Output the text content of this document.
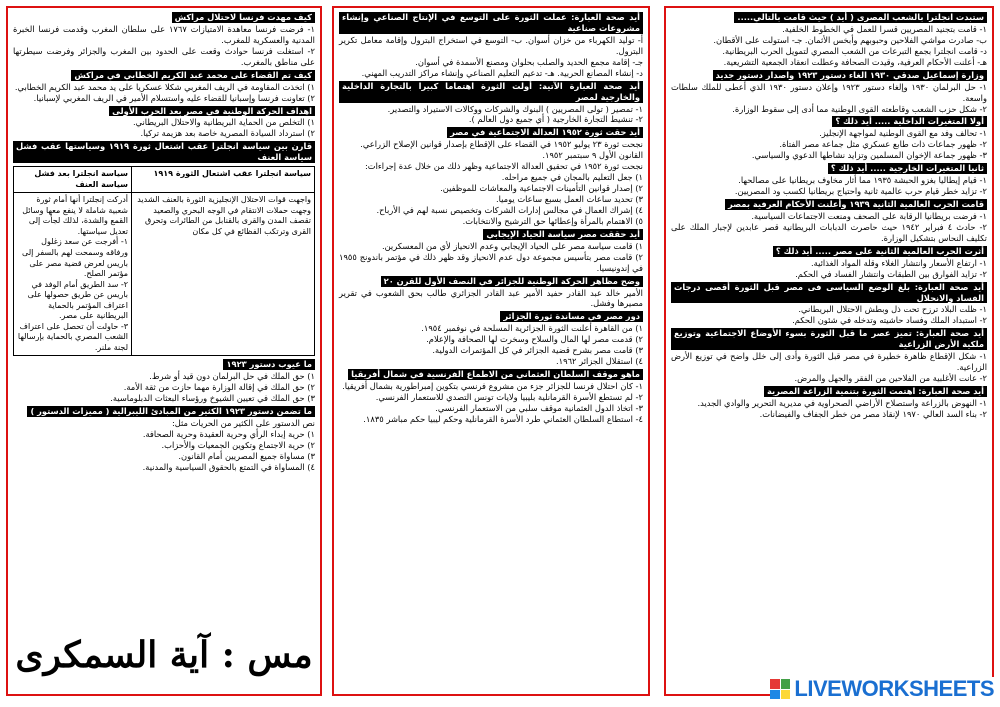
ستبدت انجلترا بالشعب المصرى ( أيد ) حيث قامت بالتالي.....
١- قامت بتجنيد المصريين قسرا للعمل في الخطوط الخلفية.
ب- صادرت مواشي الفلاحين وحبوبهم وأبخس الأثمان. جـ- استولت على الأقطان.
د- قامت انجلترا بجمع التبرعات من الشعب المصري لتمويل الحرب البريطانية.
هـ- أعلنت الأحكام العرفية، وقيدت الصحافة وعطلت انعقاد الجمعية التشريعية.
وزارة إسماعيل صدقي ١٩٣٠ الغاء دستور ١٩٢٣ واصدار دستور جديد
١- حل البرلمان ١٩٣٠ وإلغاء دستور ١٩٢٣ وإعلان دستور ١٩٣٠ الذي أعطى للملك سلطات واسعة.
٢- شكل حزب الشعب وقاطعته القوى الوطنية مما أدى إلى سقوط الوزارة.
أولا المتغيرات الداخلية ..... أيد ذلك ؟
١- تحالف وفد مع القوى الوطنية لمواجهة الإنجليز.
٢- ظهور جماعات ذات طابع عسكري مثل جماعة مصر الفتاة.
٣- ظهور جماعة الإخوان المسلمين وتزايد نشاطها الدعوي والسياسي.
ثانيا المتغيرات الخارجية ..... أيد ذلك ؟
١- قيام إيطاليا بغزو الحبشة ١٩٣٥ مما أثار مخاوف بريطانيا على مصالحها.
٢- تزايد خطر قيام حرب عالمية ثانية واحتياج بريطانيا لكسب ود المصريين.
قامت الحرب العالمية الثانية ١٩٣٩ وأعلنت الأحكام العرفية بمصر
١- فرضت بريطانيا الرقابة على الصحف ومنعت الاجتماعات السياسية.
٢- حادث ٤ فبراير ١٩٤٢ حيث حاصرت الدبابات البريطانية قصر عابدين لإجبار الملك على تكليف النحاس بتشكيل الوزارة.
أثرت الحرب العالمية الثانية على مصر ..... أيد ذلك ؟
١- ارتفاع الأسعار وانتشار الغلاء وقلة المواد الغذائية.
٢- تزايد الفوارق بين الطبقات وانتشار الفساد في الحكم.
أيد صحة العبارة: بلغ الوضع السياسى فى مصر قبل الثورة أقصى درجات الفساد والانحلال
١- ظلت البلاد ترزح تحت ذل وبطش الاحتلال البريطاني.
٢- استبداد الملك وفساد حاشيته وتدخله في شئون الحكم.
أيد صحة العبارة: تميز عصر ما قبل الثورة بسوء الأوضاع الاجتماعية وتوزيع ملكية الأرض الزراعية
١- شكل الإقطاع ظاهرة خطيرة في مصر قبل الثورة وأدى إلى خلل واضح في توزيع الأرض الزراعية.
٢- عانت الأغلبية من الفلاحين من الفقر والجهل والمرض.
أيد صحة العبارة: اهتمت الثورة بتنمية الزراعة المصرية
١- النهوض بالزراعة واستصلاح الأراضي الصحراوية في مديرية التحرير والوادي الجديد.
٢- بناء السد العالي ١٩٧٠ لإنقاذ مصر من خطر الجفاف والفيضانات.
أيد صحة العبارة: عملت الثورة على التوسع في الإنتاج الصناعي وإنشاء مشروعات صناعية
أ- توليد الكهرباء من خزان أسوان. ب- التوسع في استخراج البترول وإقامة معامل تكرير البترول.
جـ- إقامة مجمع الحديد والصلب بحلوان ومصنع الأسمدة في أسوان.
د- إنشاء المصانع الحربية. هـ- تدعيم التعليم الصناعي وإنشاء مراكز التدريب المهني.
أيد صحة العبارة الآتية: أولت الثورة اهتماما كبيرا بالتجارة الداخلية والخارجية لمصر
١- تمصير ( تولى المصريين ) البنوك والشركات ووكالات الاستيراد والتصدير.
٢- تنشيط التجارة الخارجية ( أي جميع دول العالم ).
أيد حقت ثورة ١٩٥٢ العدالة الاجتماعية في مصر
نجحت ثورة ٢٣ يوليو ١٩٥٢ في القضاء على الإقطاع بإصدار قوانين الإصلاح الزراعي.
القانون الأول ٩ سبتمبر ١٩٥٢.
نجحت ثورة ١٩٥٢ في تحقيق العدالة الاجتماعية وظهر ذلك من خلال عدة إجراءات:
١) جعل التعليم بالمجان في جميع مراحله.
٢) إصدار قوانين التأمينات الاجتماعية والمعاشات للموظفين.
٣) تحديد ساعات العمل بسبع ساعات يوميا.
٤) إشراك العمال في مجالس إدارات الشركات وتخصيص نسبة لهم في الأرباح.
٥) الاهتمام بالمرأة وإعطائها حق الترشيح والانتخابات.
أيد حققت مصر سياسة الحياد الإيجابي
١) قامت سياسة مصر على الحياد الإيجابي وعدم الانحياز لأي من المعسكرين.
٢) قامت مصر بتأسيس مجموعة دول عدم الانحياز وقد ظهر ذلك في مؤتمر باندونج ١٩٥٥ في إندونيسيا.
وضح مظاهر الحركة الوطنية للجزائر في النصف الأول للقرن ٢٠
الأمير خالد عبد القادر حفيد الأمير عبد القادر الجزائري طالب بحق الشعوب في تقرير مصيرها وفشل.
دور مصر في مساندة ثورة الجزائر
١) من القاهرة أعلنت الثورة الجزائرية المسلحة في نوفمبر ١٩٥٤.
٢) قدمت مصر لها المال والسلاح وسخرت لها الصحافة والإعلام.
٣) قامت مصر بشرح قضية الجزائر في كل المؤتمرات الدولية.
٤) استقلال الجزائر ١٩٦٢.
ماهو موقف السلطان العثماني من الاطماع الفرنسية في شمال أفريقيا
١- كان احتلال فرنسا للجزائر جزء من مشروع فرنسي بتكوين إمبراطورية بشمال أفريقيا.
٢- لم تستطع الأسرة القرمانلية بليبيا ولايات تونس التصدي للاستعمار الفرنسي.
٣- اتخاذ الدول العثمانية موقف سلبي من الاستعمار الفرنسي.
٤- استطاع السلطان العثماني طرد الأسرة القرمانلية وحكم ليبيا حكم مباشر ١٨٣٥.
كيف مهدت فرنسا لاحتلال مراكش
١- فرضت فرنسا معاهدة الامتيازات ١٧٦٧ على سلطان المغرب وقدمت فرنسا الخبرة المدنية والعسكرية للمغرب.
٢- استغلت فرنسا حوادث وقعت على الحدود بين المغرب والجزائر وفرضت سيطرتها على مناطق بالمغرب.
كيف تم القضاء على محمد عبد الكريم الخطابي في مراكش
١) اتخذت المقاومة في الريف المغربي شكلا عسكريا على يد محمد عبد الكريم الخطابي.
٢) تعاونت فرنسا وإسبانيا للقضاء عليه واستسلام الأمير في الريف المغربي لإسبانيا.
اهداف الحركة الوطنية في مصر بعد الحرب الأولى
١) التخلص من الحماية البريطانية والاحتلال البريطاني.
٢) استرداد السيادة المصرية خاصة بعد هزيمة تركيا.
قارن بين سياسة انجلترا عقب اشتعال ثورة ١٩١٩ وسياستها عقب فشل سياسة العنف
سياسة انجلترا عقب اشتعال الثورة ١٩١٩	سياسة انجلترا بعد فشل سياسة العنف
واجهت قوات الاحتلال الإنجليزية الثورة بالعنف الشديد وجهت حملات الانتقام في الوجه البحري والصعيد تقصف المدن والقرى بالقنابل من الطائرات وتحرق القرى وترتكب الفظائع في كل مكان	أدركت إنجلترا أنها أمام ثورة شعبية شاملة لا ينفع معها وسائل القمع والشدة، لذلك لجأت إلى تعديل سياستها.
١- أفرجت عن سعد زغلول ورفاقه وسمحت لهم بالسفر إلى باريس لعرض قضية مصر على مؤتمر الصلح.
٢- سد الطريق أمام الوفد في باريس عن طريق حصولها على اعتراف المؤتمر بالحماية البريطانية على مصر.
٣- حاولت أن تحصل على اعتراف الشعب المصري بالحماية بإرسالها لجنة ملنر.
ما عيوب دستور ١٩٢٣
١) حق الملك في حل البرلمان دون قيد أو شرط.
٢) حق الملك في إقالة الوزارة مهما حازت من ثقة الأمة.
٣) حق الملك في تعيين الشيوخ ورؤساء البعثات الدبلوماسية.
ما تضمن دستور ١٩٢٣ الكثير من المبادئ الليبرالية ( مميزات الدستور )
نص الدستور على الكثير من الحريات مثل:
١) حرية إبداء الرأي وحرية العقيدة وحرية الصحافة.
٢) حرية الاجتماع وتكوين الجمعيات والأحزاب.
٣) مساواة جميع المصريين أمام القانون.
٤) المساواة في التمتع بالحقوق السياسية والمدنية.
مس : آية السمكرى
LIVEWORKSHEETS
